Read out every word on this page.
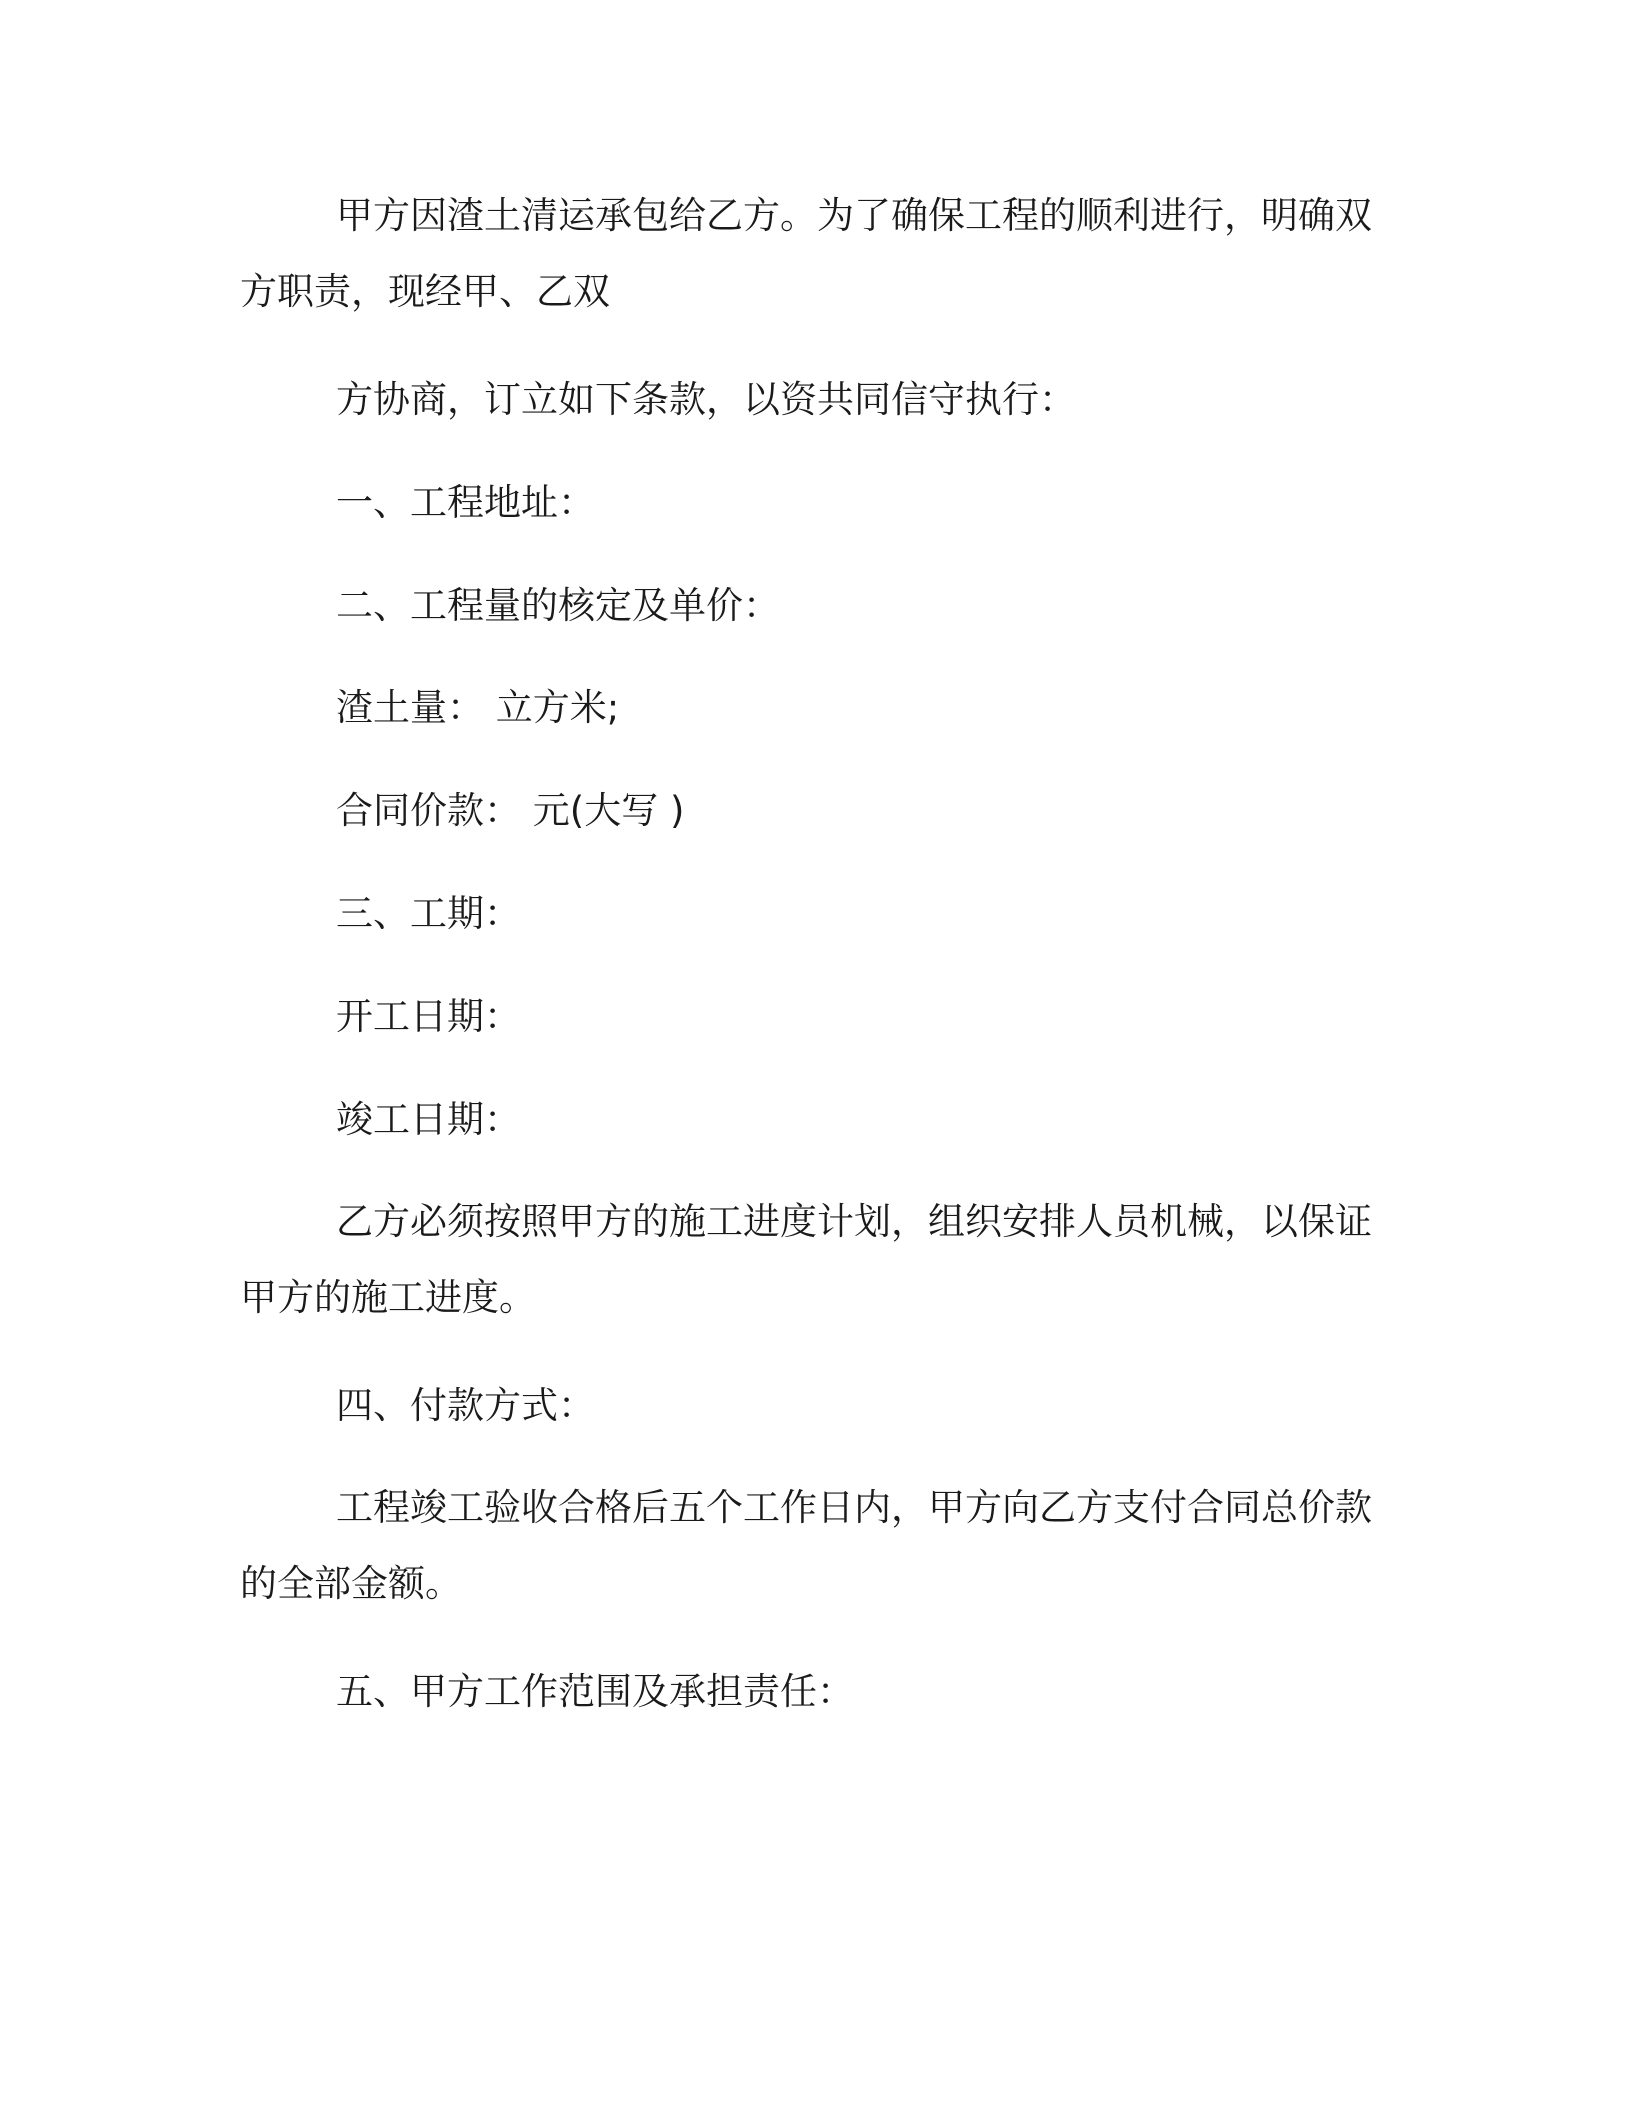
甲方因渣土清运承包给乙方。为了确保工程的顺利进行，明确双方职责，现经甲、乙双

方协商，订立如下条款，以资共同信守执行：

一、工程地址：

二、工程量的核定及单价：

渣土量： 立方米;

合同价款： 元(大写 )

三、工期：

开工日期：

竣工日期：

乙方必须按照甲方的施工进度计划，组织安排人员机械，以保证甲方的施工进度。

四、付款方式：

工程竣工验收合格后五个工作日内，甲方向乙方支付合同总价款的全部金额。

五、甲方工作范围及承担责任：
